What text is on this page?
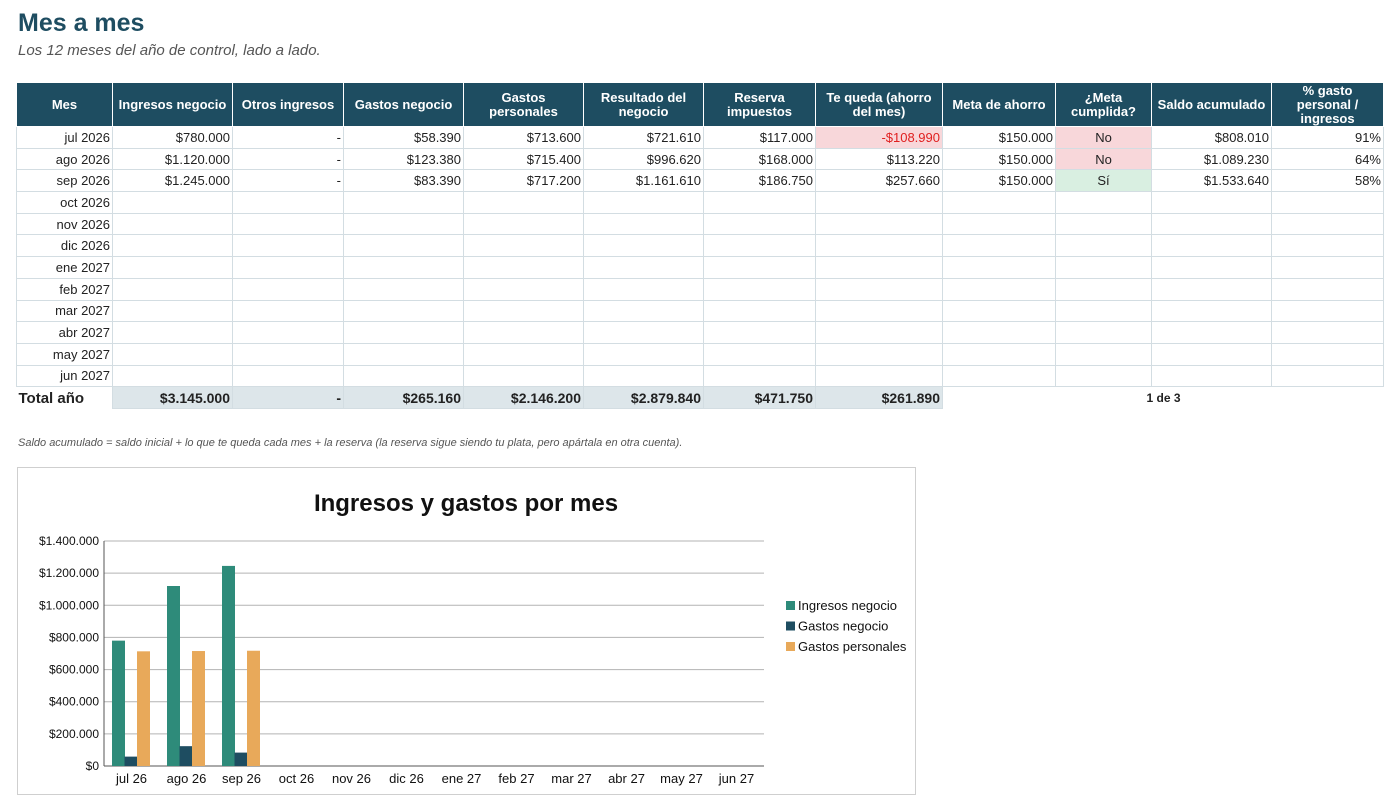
Mes a mes
Los 12 meses del año de control, lado a lado.
Mes	Ingresos negocio	Otros ingresos	Gastos negocio	Gastos personales	Resultado del negocio	Reserva impuestos	Te queda (ahorro del mes)	Meta de ahorro	¿Meta cumplida?	Saldo acumulado	% gasto personal / ingresos
jul 2026	$780.000	-	$58.390	$713.600	$721.610	$117.000	-$108.990	$150.000	No	$808.010	91%
ago 2026	$1.120.000	-	$123.380	$715.400	$996.620	$168.000	$113.220	$150.000	No	$1.089.230	64%
sep 2026	$1.245.000	-	$83.390	$717.200	$1.161.610	$186.750	$257.660	$150.000	Sí	$1.533.640	58%
oct 2026											
nov 2026											
dic 2026											
ene 2027											
feb 2027											
mar 2027											
abr 2027											
may 2027											
jun 2027											
Total año	$3.145.000	-	$265.160	$2.146.200	$2.879.840	$471.750	$261.890		1 de 3		
Saldo acumulado = saldo inicial + lo que te queda cada mes + la reserva (la reserva sigue siendo tu plata, pero apártala en otra cuenta).
Ingresos y gastos por mes
$0
$200.000
$400.000
$600.000
$800.000
$1.000.000
$1.200.000
$1.400.000
jul 26 ago 26 sep 26 oct 26 nov 26 dic 26 ene 27 feb 27 mar 27 abr 27 may 27 jun 27
Ingresos negocio
Gastos negocio
Gastos personales
